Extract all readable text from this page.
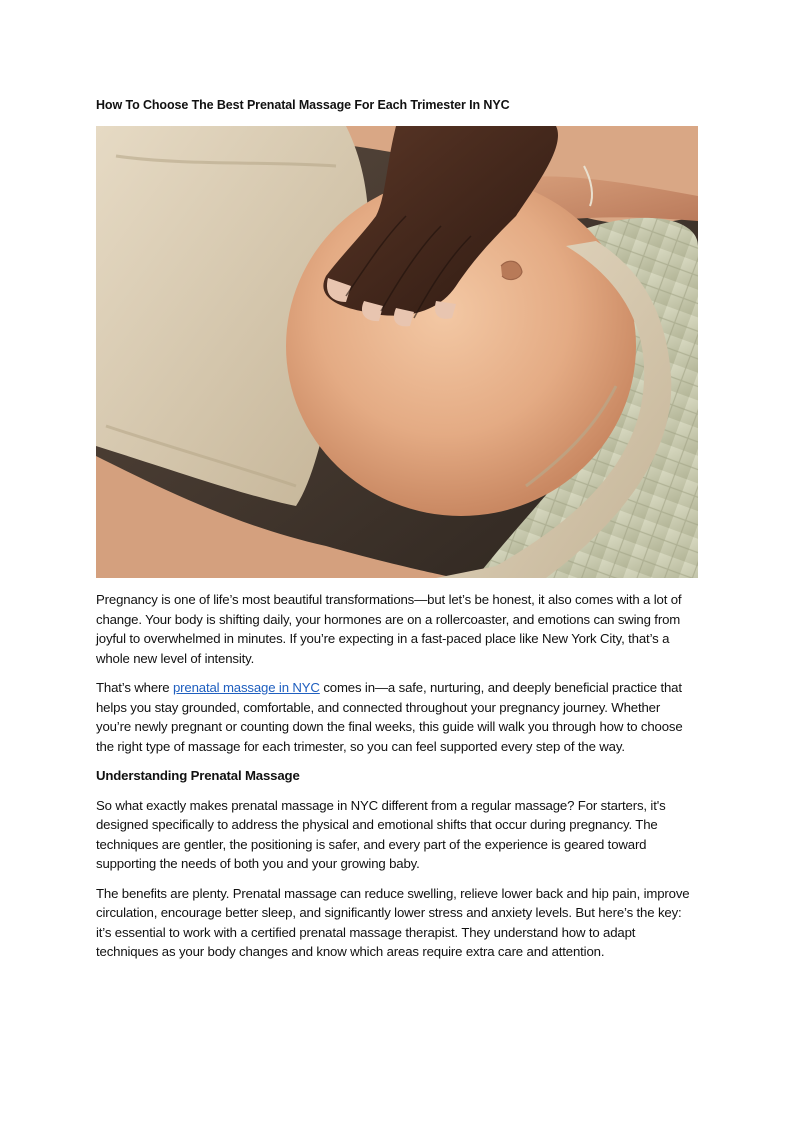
How To Choose The Best Prenatal Massage For Each Trimester In NYC

Pregnancy is one of life’s most beautiful transformations—but let’s be honest, it also comes with a lot of change. Your body is shifting daily, your hormones are on a rollercoaster, and emotions can swing from joyful to overwhelmed in minutes. If you’re expecting in a fast-paced place like New York City, that’s a whole new level of intensity.

That’s where prenatal massage in NYC comes in—a safe, nurturing, and deeply beneficial practice that helps you stay grounded, comfortable, and connected throughout your pregnancy journey. Whether you’re newly pregnant or counting down the final weeks, this guide will walk you through how to choose the right type of massage for each trimester, so you can feel supported every step of the way.

Understanding Prenatal Massage

So what exactly makes prenatal massage in NYC different from a regular massage? For starters, it's designed specifically to address the physical and emotional shifts that occur during pregnancy. The techniques are gentler, the positioning is safer, and every part of the experience is geared toward supporting the needs of both you and your growing baby.

The benefits are plenty. Prenatal massage can reduce swelling, relieve lower back and hip pain, improve circulation, encourage better sleep, and significantly lower stress and anxiety levels. But here’s the key: it’s essential to work with a certified prenatal massage therapist. They understand how to adapt techniques as your body changes and know which areas require extra care and attention.
